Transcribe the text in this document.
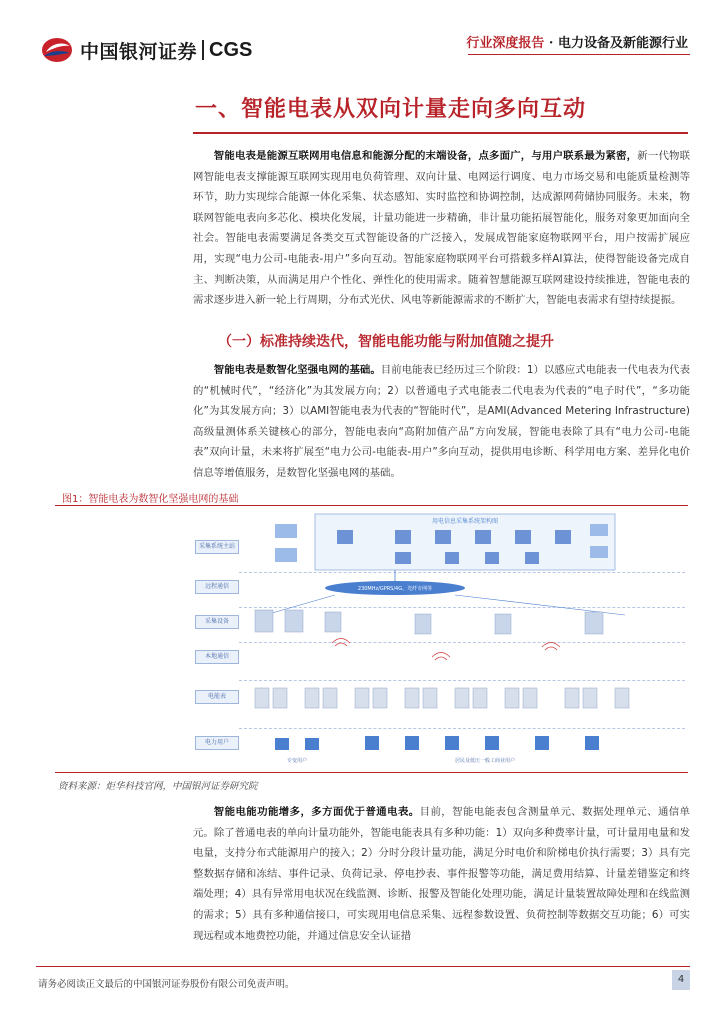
中国银河证券 CGS	行业深度报告 · 电力设备及新能源行业
一、智能电表从双向计量走向多向互动
智能电表是能源互联网用电信息和能源分配的末端设备，点多面广，与用户联系最为紧密，新一代物联网智能电表支撑能源互联网实现用电负荷管理、双向计量、电网运行调度、电力市场交易和电能质量检测等环节，助力实现综合能源一体化采集、状态感知、实时监控和协调控制，达成源网荷储协同服务。未来，物联网智能电表向多芯化、模块化发展，计量功能进一步精确，非计量功能拓展智能化，服务对象更加面向全社会。智能电表需要满足各类交互式智能设备的广泛接入，发展成智能家庭物联网平台，用户按需扩展应用，实现“电力公司-电能表-用户”多向互动。智能家庭物联网平台可搭载多样AI算法，使得智能设备完成自主、判断决策，从而满足用户个性化、弹性化的使用需求。随着智慧能源互联网建设持续推进，智能电表的需求逐步进入新一轮上行周期，分布式光伏、风电等新能源需求的不断扩大，智能电表需求有望持续提振。
（一）标准持续迭代，智能电能功能与附加值随之提升
智能电表是数智化坚强电网的基础。目前电能表已经历过三个阶段：1）以感应式电能表一代电表为代表的“机械时代”，“经济化”为其发展方向；2）以普通电子式电能表二代电表为代表的“电子时代”，“多功能化”为其发展方向；3）以AMI智能电表为代表的“智能时代”，是AMI(Advanced Metering Infrastructure)高级量测体系关键核心的部分，智能电表向“高附加值产品”方向发展，智能电表除了具有“电力公司-电能表”双向计量，未来将扩展至“电力公司-电能表-用户”多向互动，提供用电诊断、科学用电方案、差异化电价信息等增值服务，是数智化坚强电网的基础。
图1：智能电表为数智化坚强电网的基础
采集系统主站
远程通信
采集设备
本地通信
电能表
电力用户
用电信息采集系统架构图
230MHz/GPRS/4G、光纤专网等
专变用户	居民及低压一般工商业用户
资料来源：炬华科技官网，中国银河证券研究院
智能电能功能增多，多方面优于普通电表。目前，智能电能表包含测量单元、数据处理单元、通信单元。除了普通电表的单向计量功能外，智能电能表具有多种功能：1）双向多种费率计量，可计量用电量和发电量，支持分布式能源用户的接入；2）分时分段计量功能，满足分时电价和阶梯电价执行需要；3）具有完整数据存储和冻结、事件记录、负荷记录、停电抄表、事件报警等功能，满足费用结算、计量差错鉴定和终端处理；4）具有异常用电状况在线监测、诊断、报警及智能化处理功能，满足计量装置故障处理和在线监测的需求；5）具有多种通信接口，可实现用电信息采集、远程参数设置、负荷控制等数据交互功能；6）可实现远程或本地费控功能，并通过信息安全认证措
请务必阅读正文最后的中国银河证券股份有限公司免责声明。	4
